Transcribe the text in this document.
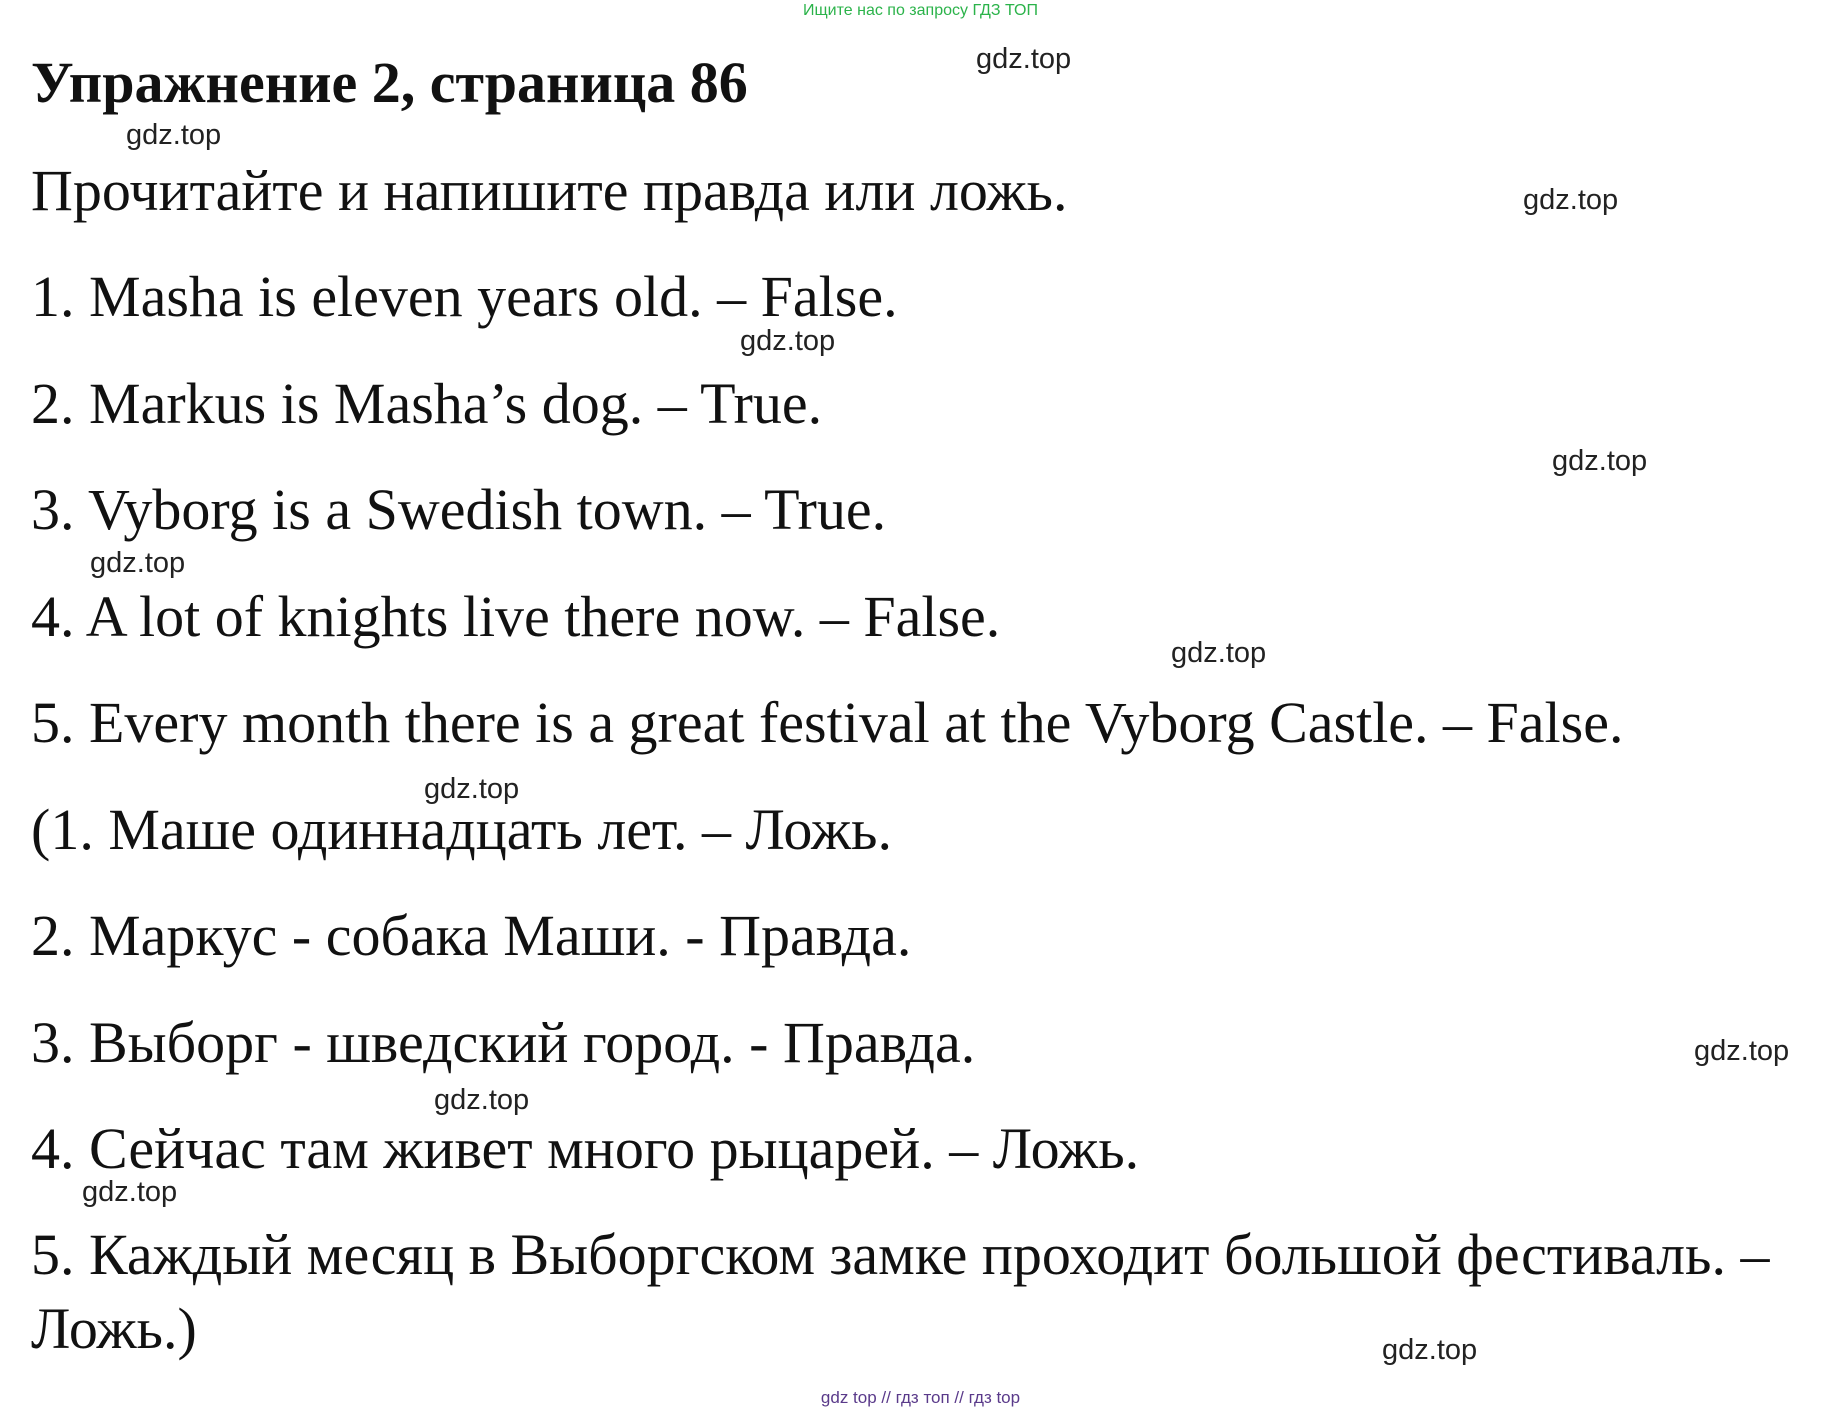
Ищите нас по запросу ГДЗ ТОП
Упражнение 2, страница 86
Прочитайте и напишите правда или ложь.
1. Masha is eleven years old. – False.
2. Markus is Masha’s dog. – True.
3. Vyborg is a Swedish town. – True.
4. A lot of knights live there now. – False.
5. Every month there is a great festival at the Vyborg Castle. – False.
(1. Маше одиннадцать лет. – Ложь.
2. Маркус - собака Маши. - Правда.
3. Выборг - шведский город. - Правда.
4. Сейчас там живет много рыцарей. – Ложь.
5. Каждый месяц в Выборгском замке проходит большой фестиваль. –
Ложь.)
gdz.top
gdz.top
gdz.top
gdz.top
gdz.top
gdz.top
gdz.top
gdz.top
gdz.top
gdz.top
gdz.top
gdz.top
gdz top // гдз топ // гдз top
